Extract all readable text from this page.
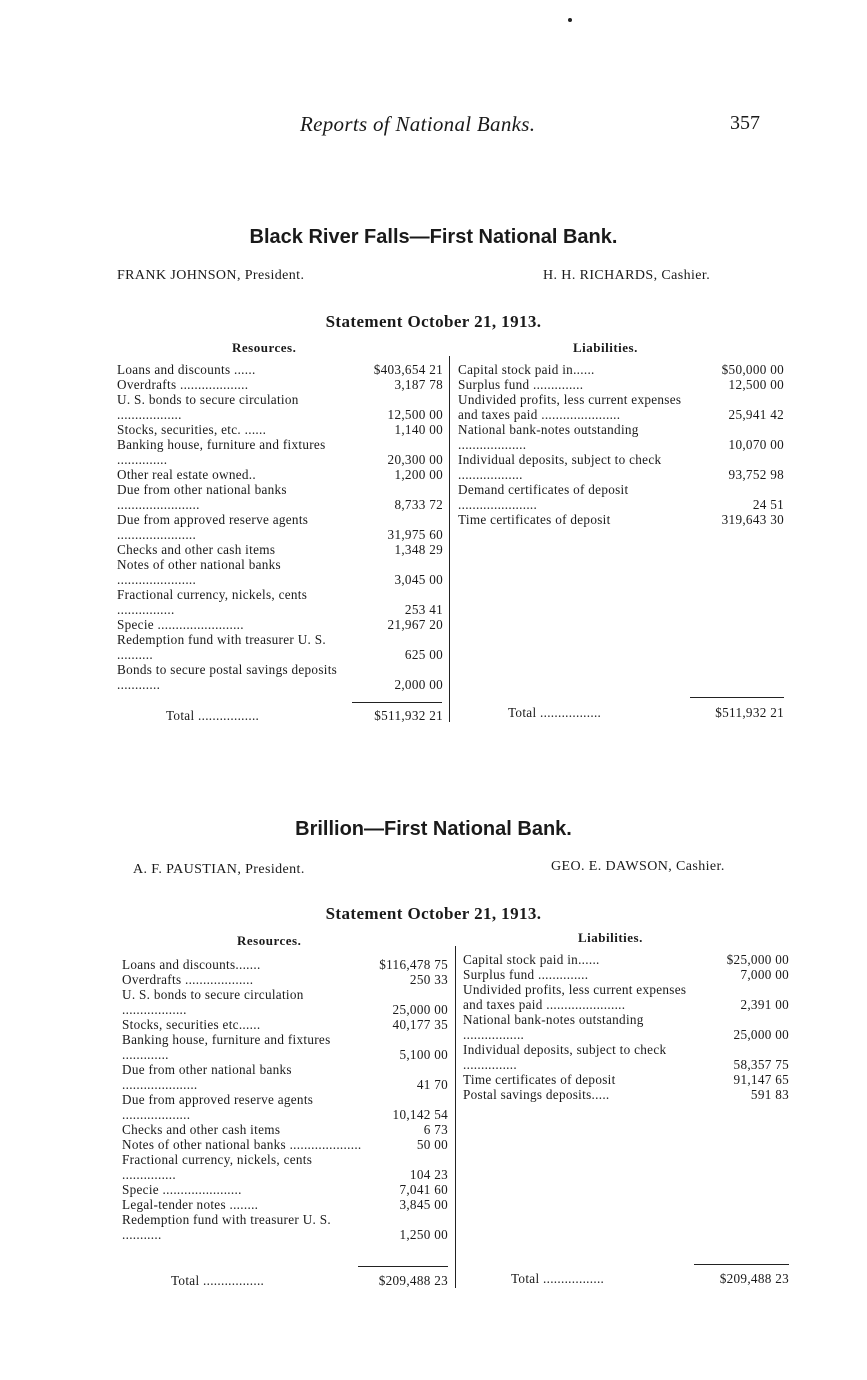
Reports of National Banks.	357
Black River Falls—First National Bank.
FRANK JOHNSON, President.	H. H. RICHARDS, Cashier.
Statement October 21, 1913.
Resources.	Liabilities.
Loans and discounts ......	$403,654 21
Overdrafts ...................	3,187 78
U. S. bonds to secure circulation ..................	12,500 00
Stocks, securities, etc. ......	1,140 00
Banking house, furniture and fixtures ..............	20,300 00
Other real estate owned..	1,200 00
Due from other national banks .......................	8,733 72
Due from approved reserve agents ......................	31,975 60
Checks and other cash items	1,348 29
Notes of other national banks ......................	3,045 00
Fractional currency, nickels, cents ................	253 41
Specie ........................	21,967 20
Redemption fund with treasurer U. S. ..........	625 00
Bonds to secure postal savings deposits ............	2,000 00
Capital stock paid in......	$50,000 00
Surplus fund ..............	12,500 00
Undivided profits, less current expenses and taxes paid ......................	25,941 42
National bank-notes outstanding ...................	10,070 00
Individual deposits, subject to check ..................	93,752 98
Demand certificates of deposit ......................	24 51
Time certificates of deposit	319,643 30
Total .................	$511,932 21	Total .................	$511,932 21
Brillion—First National Bank.
A. F. PAUSTIAN, President.	GEO. E. DAWSON, Cashier.
Statement October 21, 1913.
Resources.	Liabilities.
Loans and discounts.......	$116,478 75
Overdrafts ...................	250 33
U. S. bonds to secure circulation ..................	25,000 00
Stocks, securities etc......	40,177 35
Banking house, furniture and fixtures .............	5,100 00
Due from other national banks .....................	41 70
Due from approved reserve agents ...................	10,142 54
Checks and other cash items	6 73
Notes of other national banks ....................	50 00
Fractional currency, nickels, cents ...............	104 23
Specie ......................	7,041 60
Legal-tender notes ........	3,845 00
Redemption fund with treasurer U. S. ...........	1,250 00
Capital stock paid in......	$25,000 00
Surplus fund ..............	7,000 00
Undivided profits, less current expenses and taxes paid ......................	2,391 00
National bank-notes outstanding .................	25,000 00
Individual deposits, subject to check ...............	58,357 75
Time certificates of deposit	91,147 65
Postal savings deposits.....	591 83
Total .................	$209,488 23	Total .................	$209,488 23
